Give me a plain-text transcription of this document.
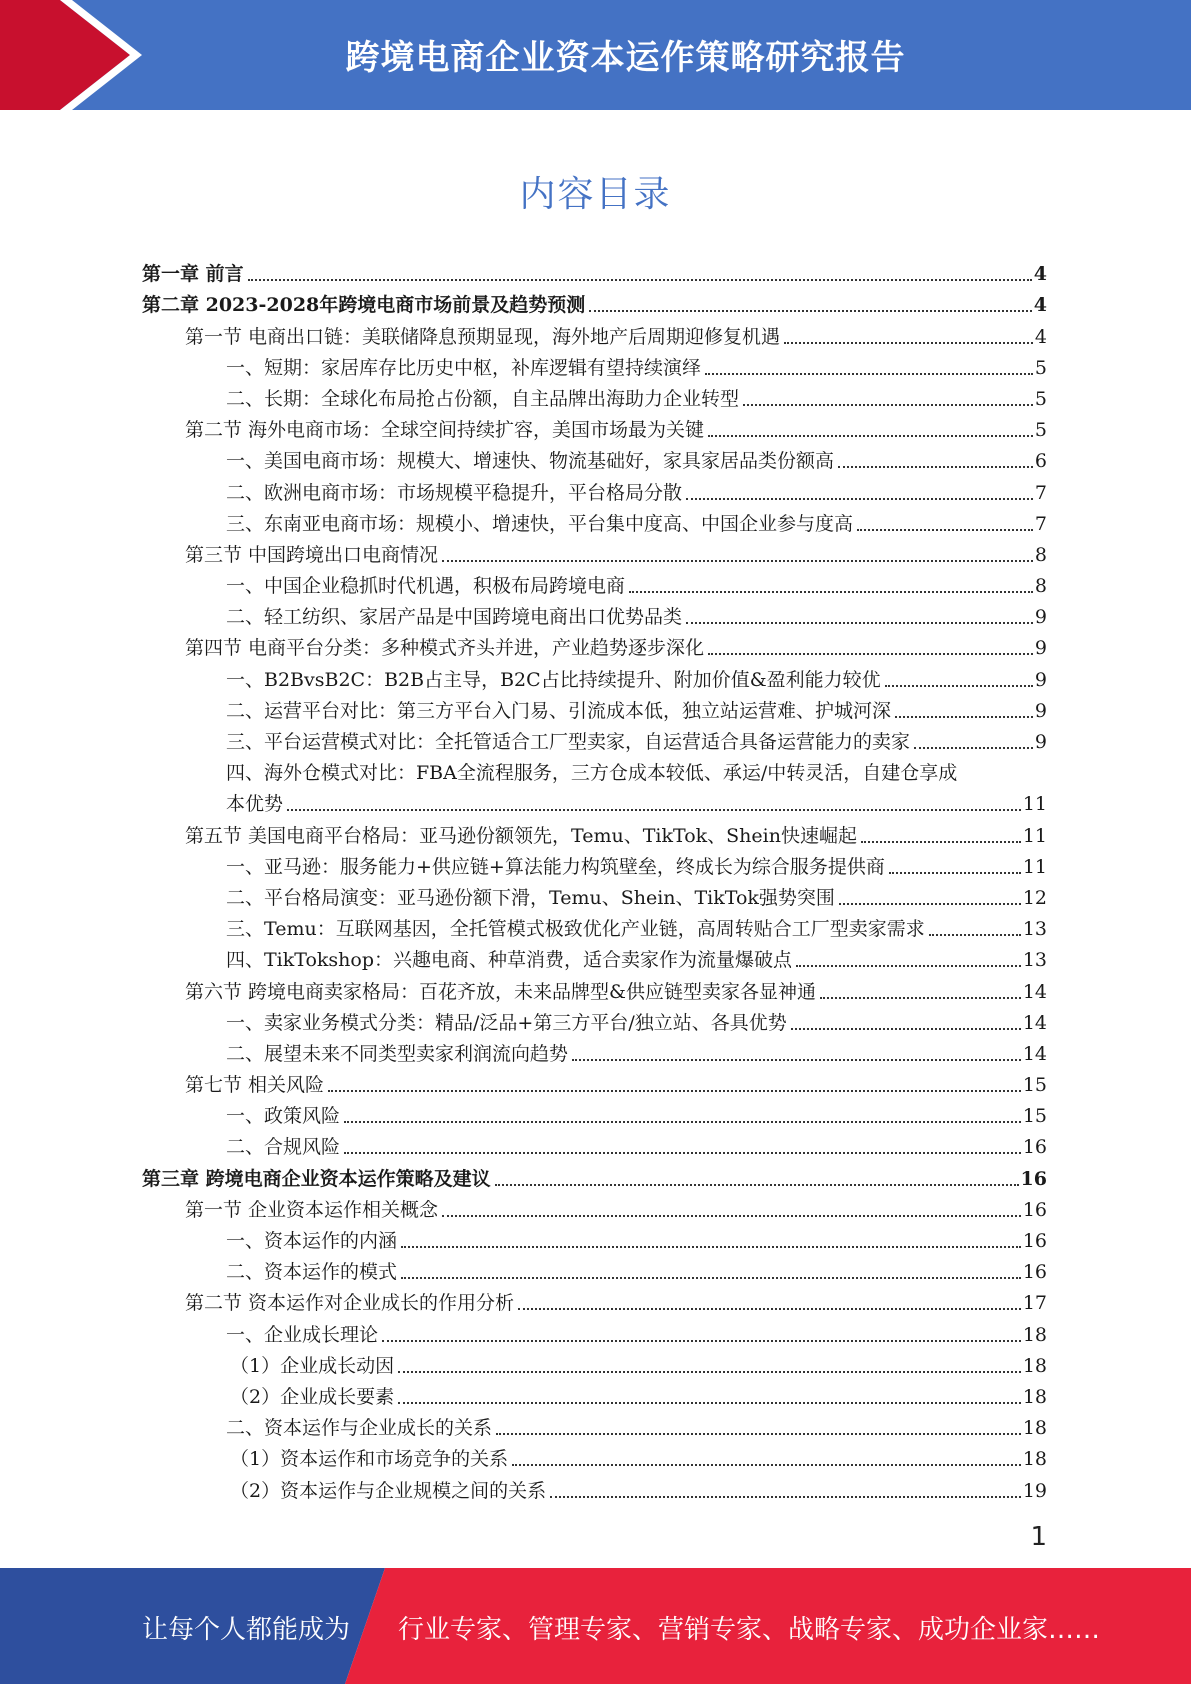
跨境电商企业资本运作策略研究报告
内容目录
第一章 前言	4
第二章 2023-2028年跨境电商市场前景及趋势预测	4
第一节 电商出口链：美联储降息预期显现，海外地产后周期迎修复机遇	4
一、短期：家居库存比历史中枢，补库逻辑有望持续演绎	5
二、长期：全球化布局抢占份额，自主品牌出海助力企业转型	5
第二节 海外电商市场：全球空间持续扩容，美国市场最为关键	5
一、美国电商市场：规模大、增速快、物流基础好，家具家居品类份额高	6
二、欧洲电商市场：市场规模平稳提升，平台格局分散	7
三、东南亚电商市场：规模小、增速快，平台集中度高、中国企业参与度高	7
第三节 中国跨境出口电商情况	8
一、中国企业稳抓时代机遇，积极布局跨境电商	8
二、轻工纺织、家居产品是中国跨境电商出口优势品类	9
第四节 电商平台分类：多种模式齐头并进，产业趋势逐步深化	9
一、B2BvsB2C：B2B占主导，B2C占比持续提升、附加价值&盈利能力较优	9
二、运营平台对比：第三方平台入门易、引流成本低，独立站运营难、护城河深	9
三、平台运营模式对比：全托管适合工厂型卖家，自运营适合具备运营能力的卖家	9
四、海外仓模式对比：FBA全流程服务，三方仓成本较低、承运/中转灵活，自建仓享成
本优势	11
第五节 美国电商平台格局：亚马逊份额领先，Temu、TikTok、Shein快速崛起	11
一、亚马逊：服务能力+供应链+算法能力构筑壁垒，终成长为综合服务提供商	11
二、平台格局演变：亚马逊份额下滑，Temu、Shein、TikTok强势突围	12
三、Temu：互联网基因，全托管模式极致优化产业链，高周转贴合工厂型卖家需求	13
四、TikTokshop：兴趣电商、种草消费，适合卖家作为流量爆破点	13
第六节 跨境电商卖家格局：百花齐放，未来品牌型&供应链型卖家各显神通	14
一、卖家业务模式分类：精品/泛品+第三方平台/独立站、各具优势	14
二、展望未来不同类型卖家利润流向趋势	14
第七节 相关风险	15
一、政策风险	15
二、合规风险	16
第三章 跨境电商企业资本运作策略及建议	16
第一节 企业资本运作相关概念	16
一、资本运作的内涵	16
二、资本运作的模式	16
第二节 资本运作对企业成长的作用分析	17
一、企业成长理论	18
（1）企业成长动因	18
（2）企业成长要素	18
二、资本运作与企业成长的关系	18
（1）资本运作和市场竞争的关系	18
（2）资本运作与企业规模之间的关系	19
1
让每个人都能成为 行业专家、管理专家、营销专家、战略专家、成功企业家……
